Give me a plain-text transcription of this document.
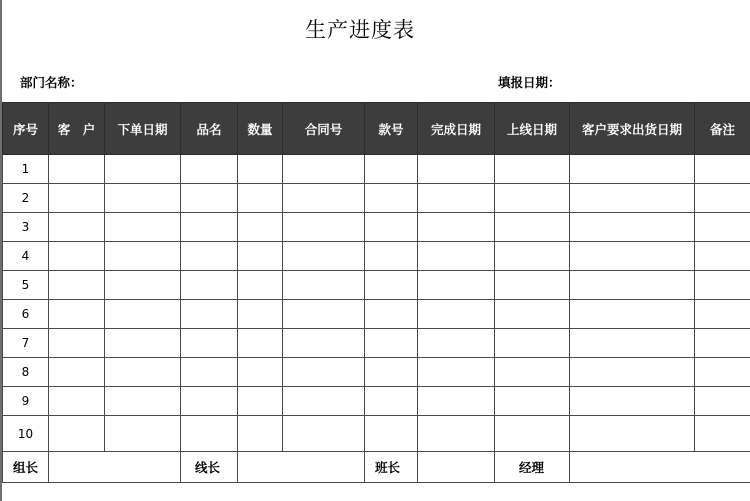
生产进度表
部门名称：	填报日期：
序号	客　户	下单日期	品名	数量	合同号	款号	完成日期	上线日期	客户要求出货日期	备注
1										
2										
3										
4										
5										
6										
7										
8										
9										
10										
组长			线长			班长		经理		
